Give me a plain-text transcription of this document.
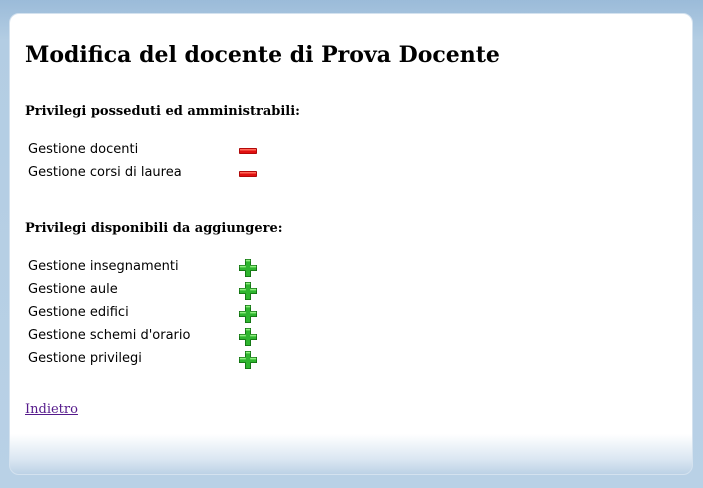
Modifica del docente di Prova Docente
Privilegi posseduti ed amministrabili:
Gestione docenti
Gestione corsi di laurea
Privilegi disponibili da aggiungere:
Gestione insegnamenti
Gestione aule
Gestione edifici
Gestione schemi d'orario
Gestione privilegi
Indietro
